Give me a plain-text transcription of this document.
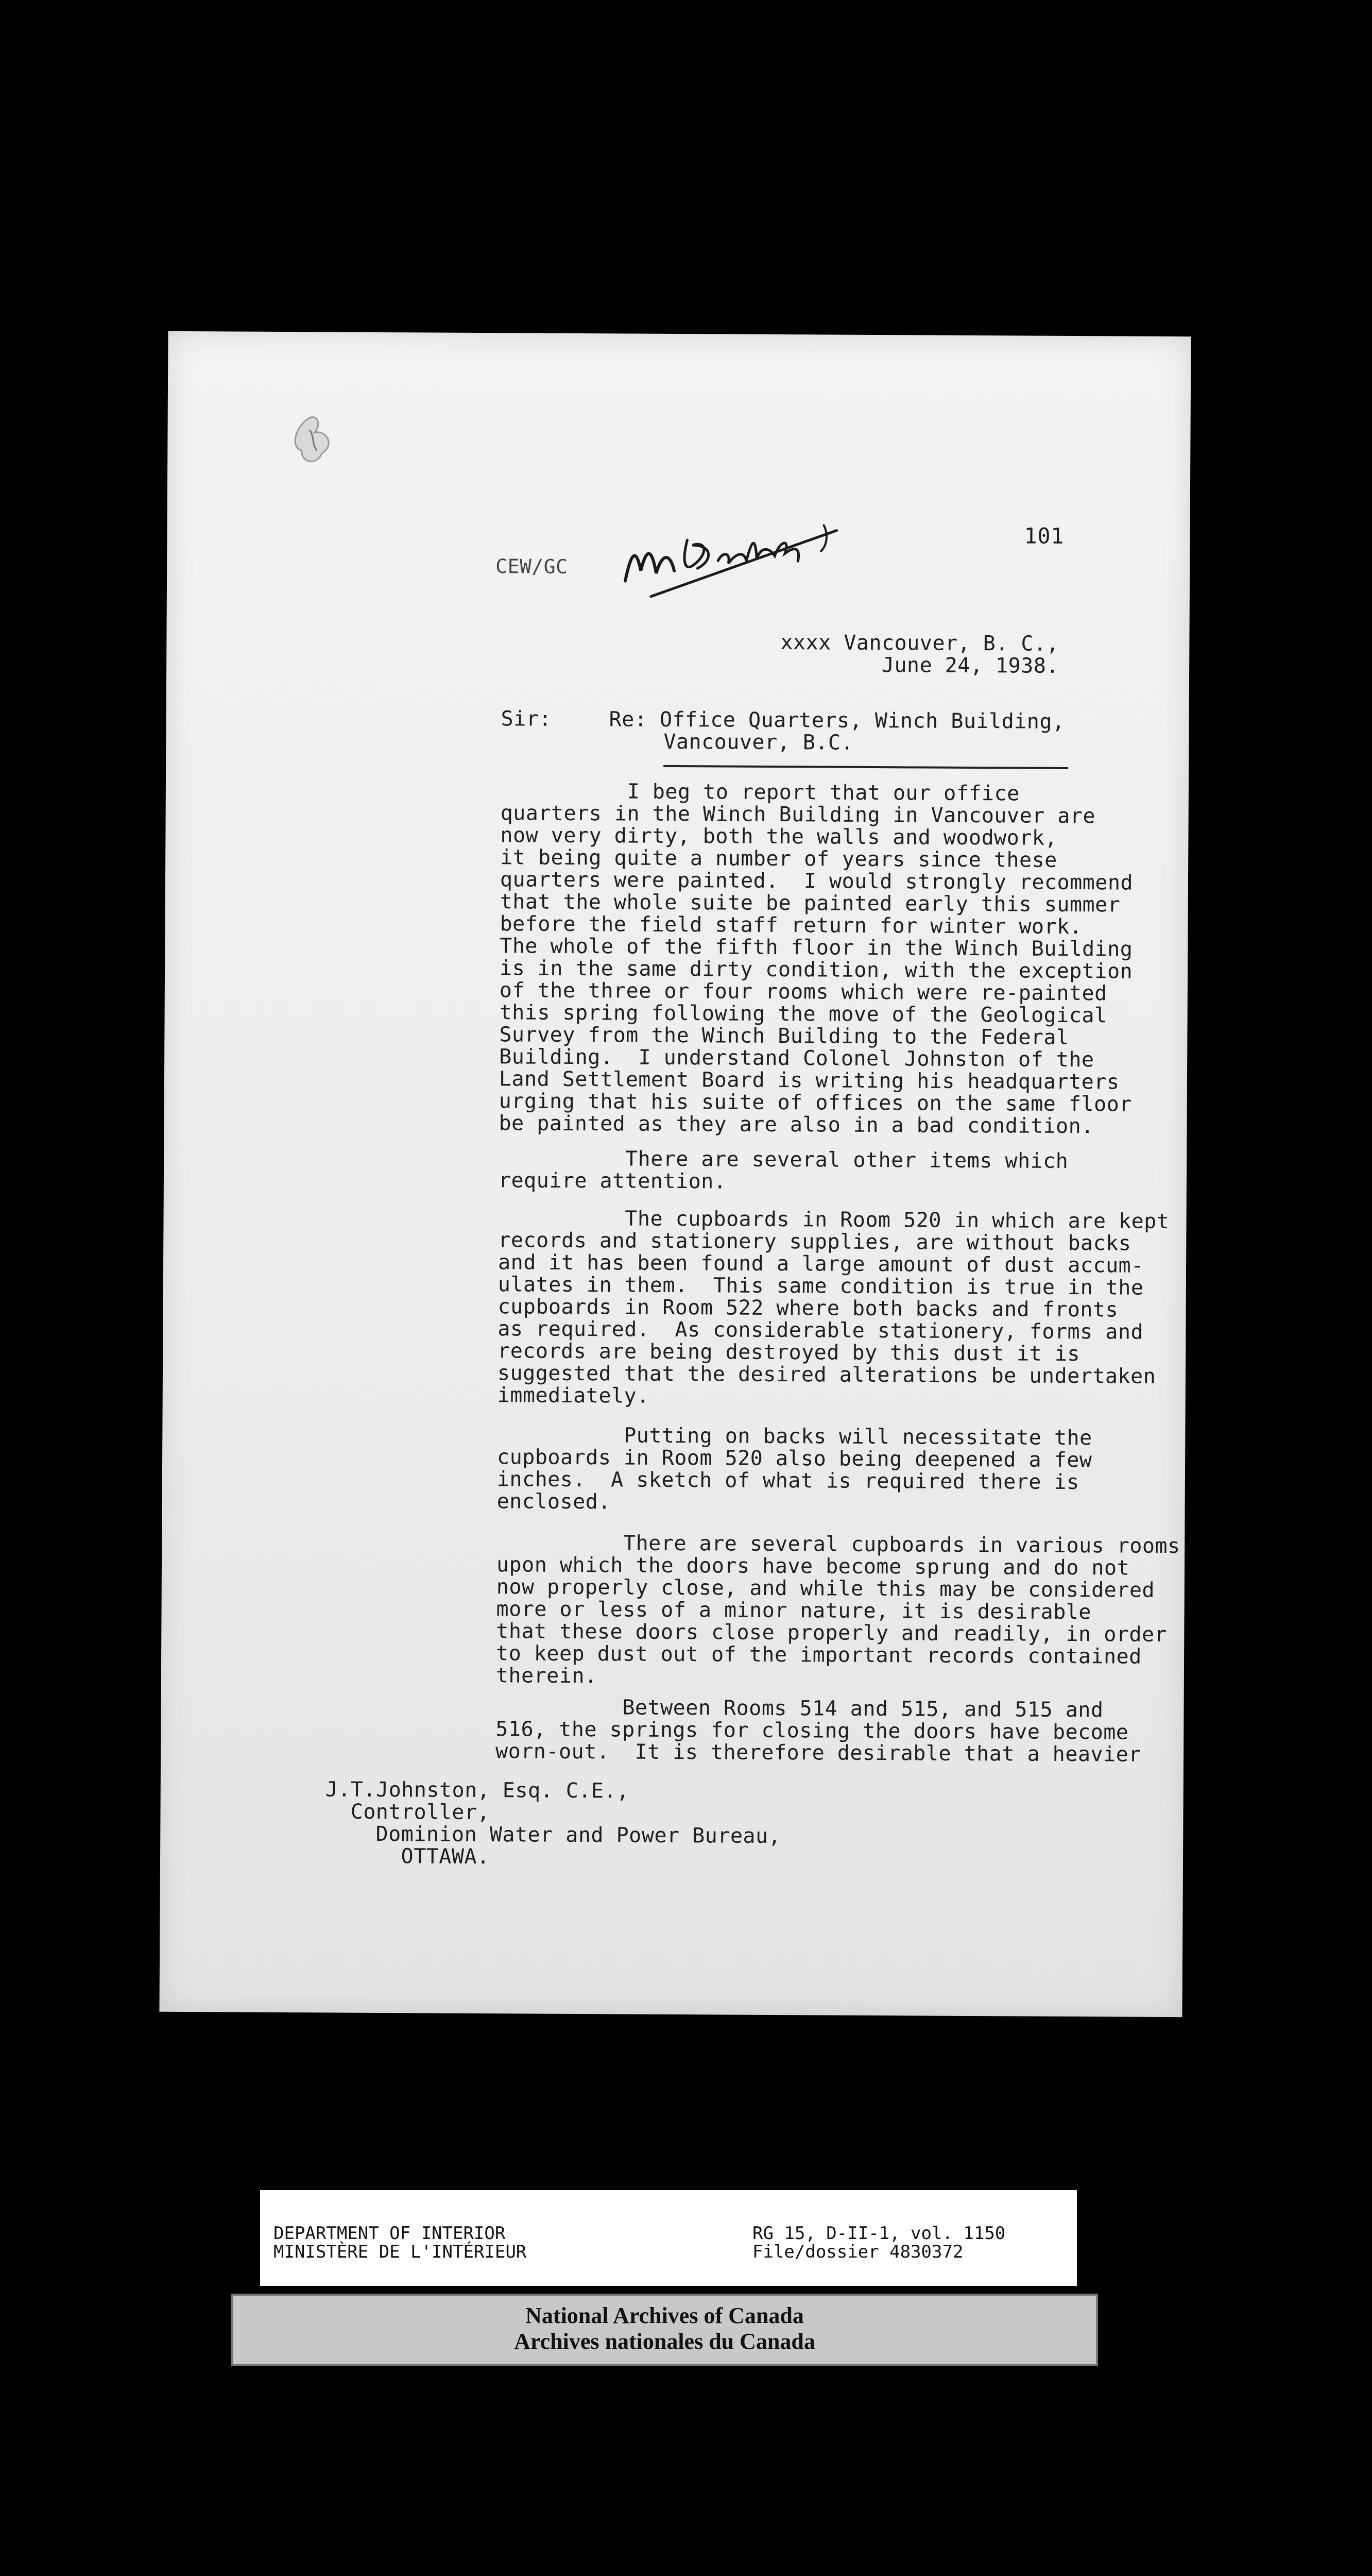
CEW/GC
101
xxxx Vancouver, B. C.,
June 24, 1938.
Sir:	Re: Office Quarters, Winch Building,
Vancouver, B.C.
I beg to report that our office
quarters in the Winch Building in Vancouver are
now very dirty, both the walls and woodwork,
it being quite a number of years since these
quarters were painted.  I would strongly recommend
that the whole suite be painted early this summer
before the field staff return for winter work.
The whole of the fifth floor in the Winch Building
is in the same dirty condition, with the exception
of the three or four rooms which were re-painted
this spring following the move of the Geological
Survey from the Winch Building to the Federal
Building.  I understand Colonel Johnston of the
Land Settlement Board is writing his headquarters
urging that his suite of offices on the same floor
be painted as they are also in a bad condition.
There are several other items which
require attention.
The cupboards in Room 520 in which are kept
records and stationery supplies, are without backs
and it has been found a large amount of dust accum-
ulates in them.  This same condition is true in the
cupboards in Room 522 where both backs and fronts
as required.  As considerable stationery, forms and
records are being destroyed by this dust it is
suggested that the desired alterations be undertaken
immediately.
Putting on backs will necessitate the
cupboards in Room 520 also being deepened a few
inches.  A sketch of what is required there is
enclosed.
There are several cupboards in various rooms
upon which the doors have become sprung and do not
now properly close, and while this may be considered
more or less of a minor nature, it is desirable
that these doors close properly and readily, in order
to keep dust out of the important records contained
therein.
Between Rooms 514 and 515, and 515 and
516, the springs for closing the doors have become
worn-out.  It is therefore desirable that a heavier
J.T.Johnston, Esq. C.E.,
Controller,
Dominion Water and Power Bureau,
OTTAWA.
DEPARTMENT OF INTERIOR
MINISTÈRE DE L'INTÉRIEUR
RG 15, D-II-1, vol. 1150
File/dossier 4830372
National Archives of Canada
Archives nationales du Canada
